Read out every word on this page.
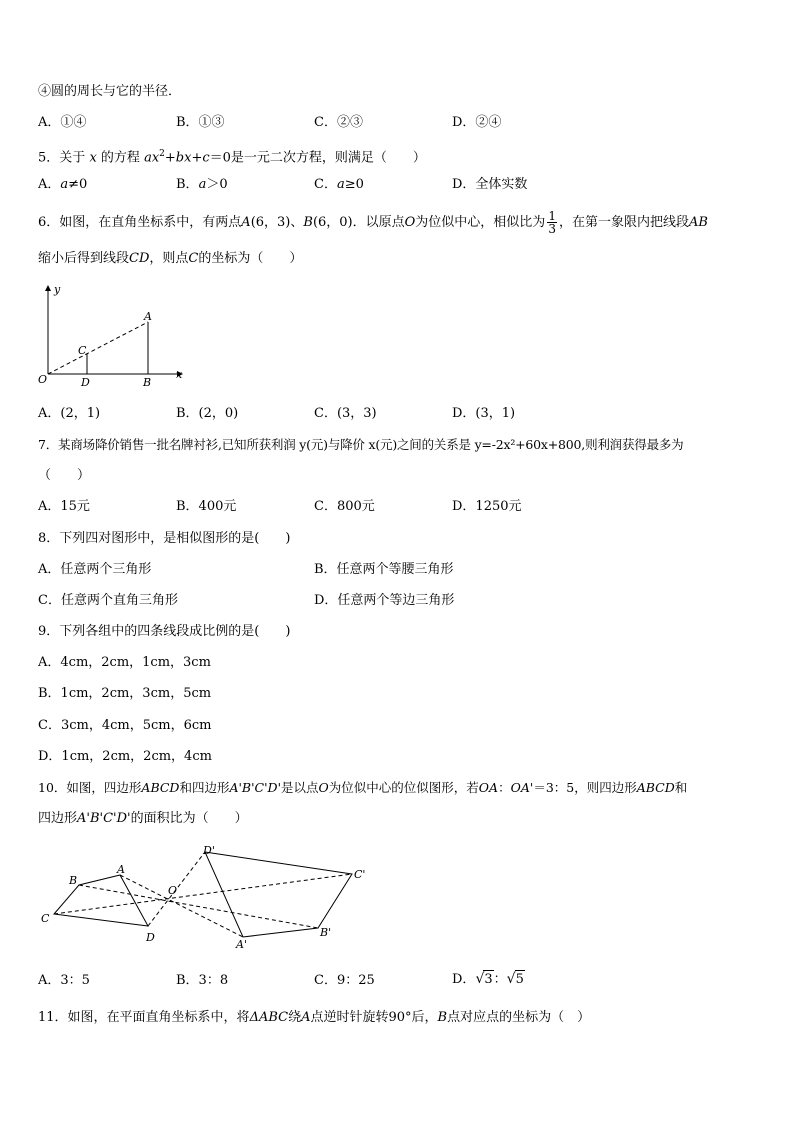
④圆的周长与它的半径．
A．①④	B．①③	C．②③	D．②④
5．关于 x 的方程 $ax^2+bx+c=0$是一元二次方程，则满足（　　）
A．a≠0	B．a＞0	C．a≥0	D．全体实数
6．如图，在直角坐标系中，有两点A(6，3)、B(6，0)．以原点O为位似中心，相似比为 $\frac{1}{3}$ ，在第一象限内把线段AB
缩小后得到线段CD，则点C的坐标为（　　）
y
x
O
A
B
C
D
A．(2，1)	B．(2，0)	C．(3，3)	D．(3，1)
7．某商场降价销售一批名牌衬衫,已知所获利润 y(元)与降价 x(元)之间的关系是 y=-2x²+60x+800,则利润获得最多为
（　　）
A．15元	B．400元	C．800元	D．1250元
8．下列四对图形中，是相似图形的是(　　)
A．任意两个三角形	B．任意两个等腰三角形
C．任意两个直角三角形	D．任意两个等边三角形
9．下列各组中的四条线段成比例的是(　　)
A．4cm，2cm，1cm，3cm
B．1cm，2cm，3cm，5cm
C．3cm，4cm，5cm，6cm
D．1cm，2cm，2cm，4cm
10．如图，四边形ABCD和四边形A'B'C'D'是以点O为位似中心的位似图形，若OA：OA'＝3：5，则四边形ABCD和
四边形A'B'C'D'的面积比为（　　）
A
B
C
D
O
A'
B'
C'
D'
A．3：5	B．3：8	C．9：25	D．√3：√5
11．如图，在平面直角坐标系中，将ΔABC绕A点逆时针旋转90°后，B点对应点的坐标为（　）
